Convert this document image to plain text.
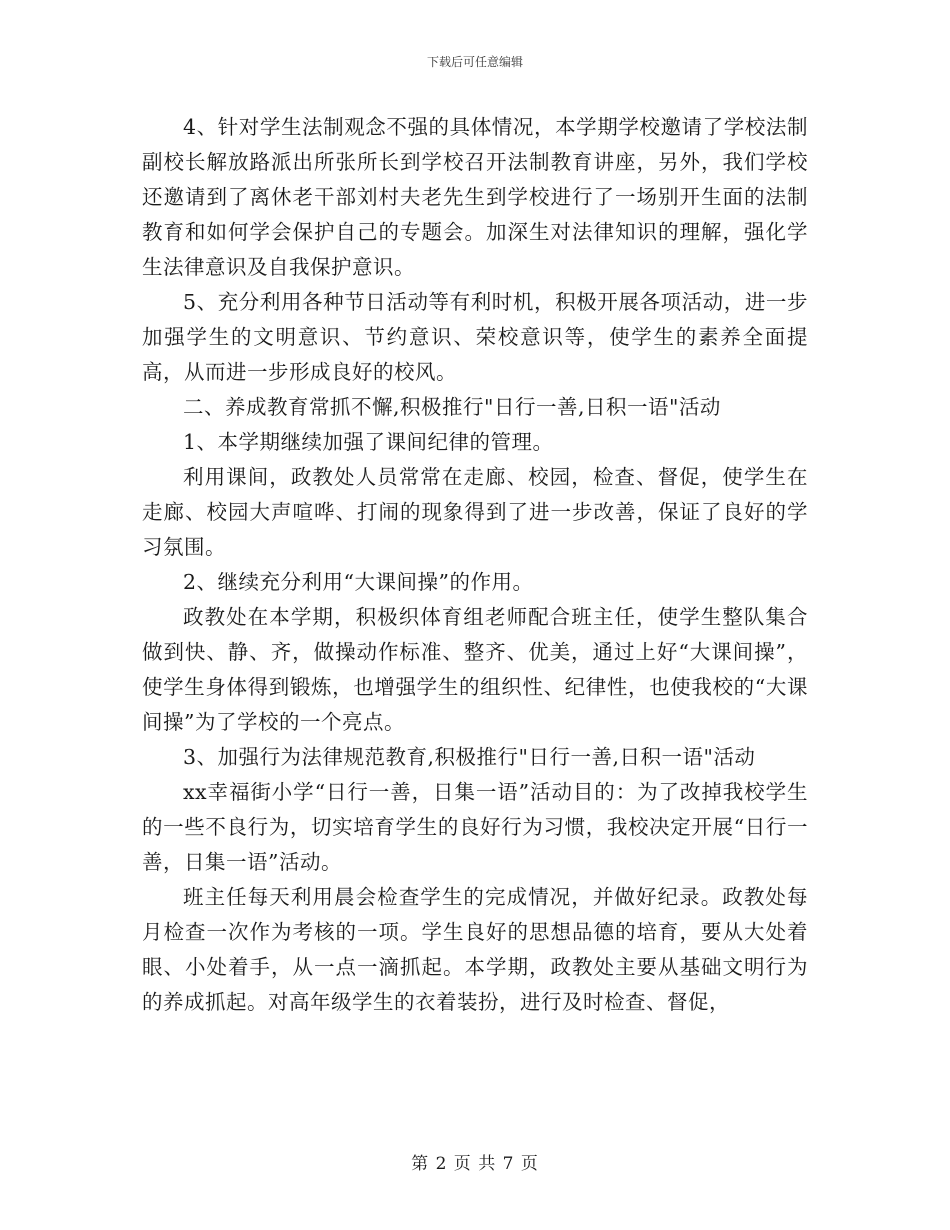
下载后可任意编辑

4、针对学生法制观念不强的具体情况，本学期学校邀请了学校法制副校长解放路派出所张所长到学校召开法制教育讲座，另外，我们学校还邀请到了离休老干部刘村夫老先生到学校进行了一场别开生面的法制教育和如何学会保护自己的专题会。加深生对法律知识的理解，强化学生法律意识及自我保护意识。

5、充分利用各种节日活动等有利时机，积极开展各项活动，进一步加强学生的文明意识、节约意识、荣校意识等，使学生的素养全面提高，从而进一步形成良好的校风。

二、养成教育常抓不懈,积极推行"日行一善,日积一语"活动

1、本学期继续加强了课间纪律的管理。

利用课间，政教处人员常常在走廊、校园，检查、督促，使学生在走廊、校园大声喧哗、打闹的现象得到了进一步改善，保证了良好的学习氛围。

2、继续充分利用“大课间操”的作用。

政教处在本学期，积极织体育组老师配合班主任，使学生整队集合做到快、静、齐，做操动作标准、整齐、优美，通过上好“大课间操”，使学生身体得到锻炼，也增强学生的组织性、纪律性，也使我校的“大课间操”为了学校的一个亮点。

3、加强行为法律规范教育,积极推行"日行一善,日积一语"活动

xx幸福街小学“日行一善，日集一语”活动目的：为了改掉我校学生的一些不良行为，切实培育学生的良好行为习惯，我校决定开展“日行一善，日集一语”活动。

班主任每天利用晨会检查学生的完成情况，并做好纪录。政教处每月检查一次作为考核的一项。学生良好的思想品德的培育，要从大处着眼、小处着手，从一点一滴抓起。本学期，政教处主要从基础文明行为的养成抓起。对高年级学生的衣着装扮，进行及时检查、督促，

第 2 页 共 7 页
